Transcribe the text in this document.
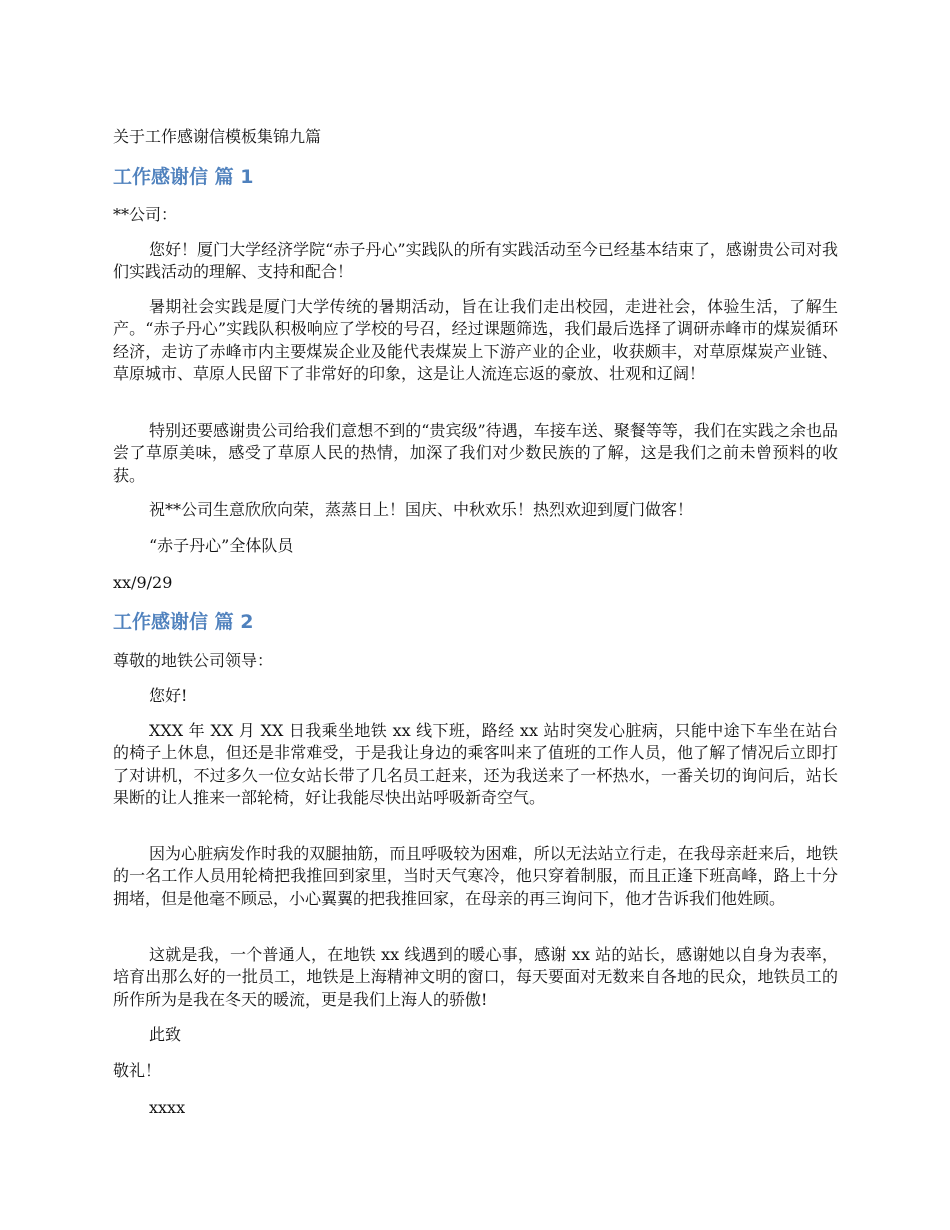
关于工作感谢信模板集锦九篇
工作感谢信 篇 1
**公司：
您好！厦门大学经济学院“赤子丹心”实践队的所有实践活动至今已经基本结束了，感谢贵公司对我们实践活动的理解、支持和配合！
暑期社会实践是厦门大学传统的暑期活动，旨在让我们走出校园，走进社会，体验生活，了解生产。“赤子丹心”实践队积极响应了学校的号召，经过课题筛选，我们最后选择了调研赤峰市的煤炭循环经济，走访了赤峰市内主要煤炭企业及能代表煤炭上下游产业的企业，收获颇丰，对草原煤炭产业链、草原城市、草原人民留下了非常好的印象，这是让人流连忘返的豪放、壮观和辽阔！
特别还要感谢贵公司给我们意想不到的“贵宾级”待遇，车接车送、聚餐等等，我们在实践之余也品尝了草原美味，感受了草原人民的热情，加深了我们对少数民族的了解，这是我们之前未曾预料的收获。
祝**公司生意欣欣向荣，蒸蒸日上！国庆、中秋欢乐！热烈欢迎到厦门做客！
“赤子丹心”全体队员
xx/9/29
工作感谢信 篇 2
尊敬的地铁公司领导：
您好!
XXX 年 XX 月 XX 日我乘坐地铁 xx 线下班，路经 xx 站时突发心脏病，只能中途下车坐在站台的椅子上休息，但还是非常难受，于是我让身边的乘客叫来了值班的工作人员，他了解了情况后立即打了对讲机，不过多久一位女站长带了几名员工赶来，还为我送来了一杯热水，一番关切的询问后，站长果断的让人推来一部轮椅，好让我能尽快出站呼吸新奇空气。
因为心脏病发作时我的双腿抽筋，而且呼吸较为困难，所以无法站立行走，在我母亲赶来后，地铁的一名工作人员用轮椅把我推回到家里，当时天气寒冷，他只穿着制服，而且正逢下班高峰，路上十分拥堵，但是他毫不顾忌，小心翼翼的把我推回家，在母亲的再三询问下，他才告诉我们他姓顾。
这就是我，一个普通人，在地铁 xx 线遇到的暖心事，感谢 xx 站的站长，感谢她以自身为表率，培育出那么好的一批员工，地铁是上海精神文明的窗口，每天要面对无数来自各地的民众，地铁员工的所作所为是我在冬天的暖流，更是我们上海人的骄傲!
此致
敬礼！
xxxx
